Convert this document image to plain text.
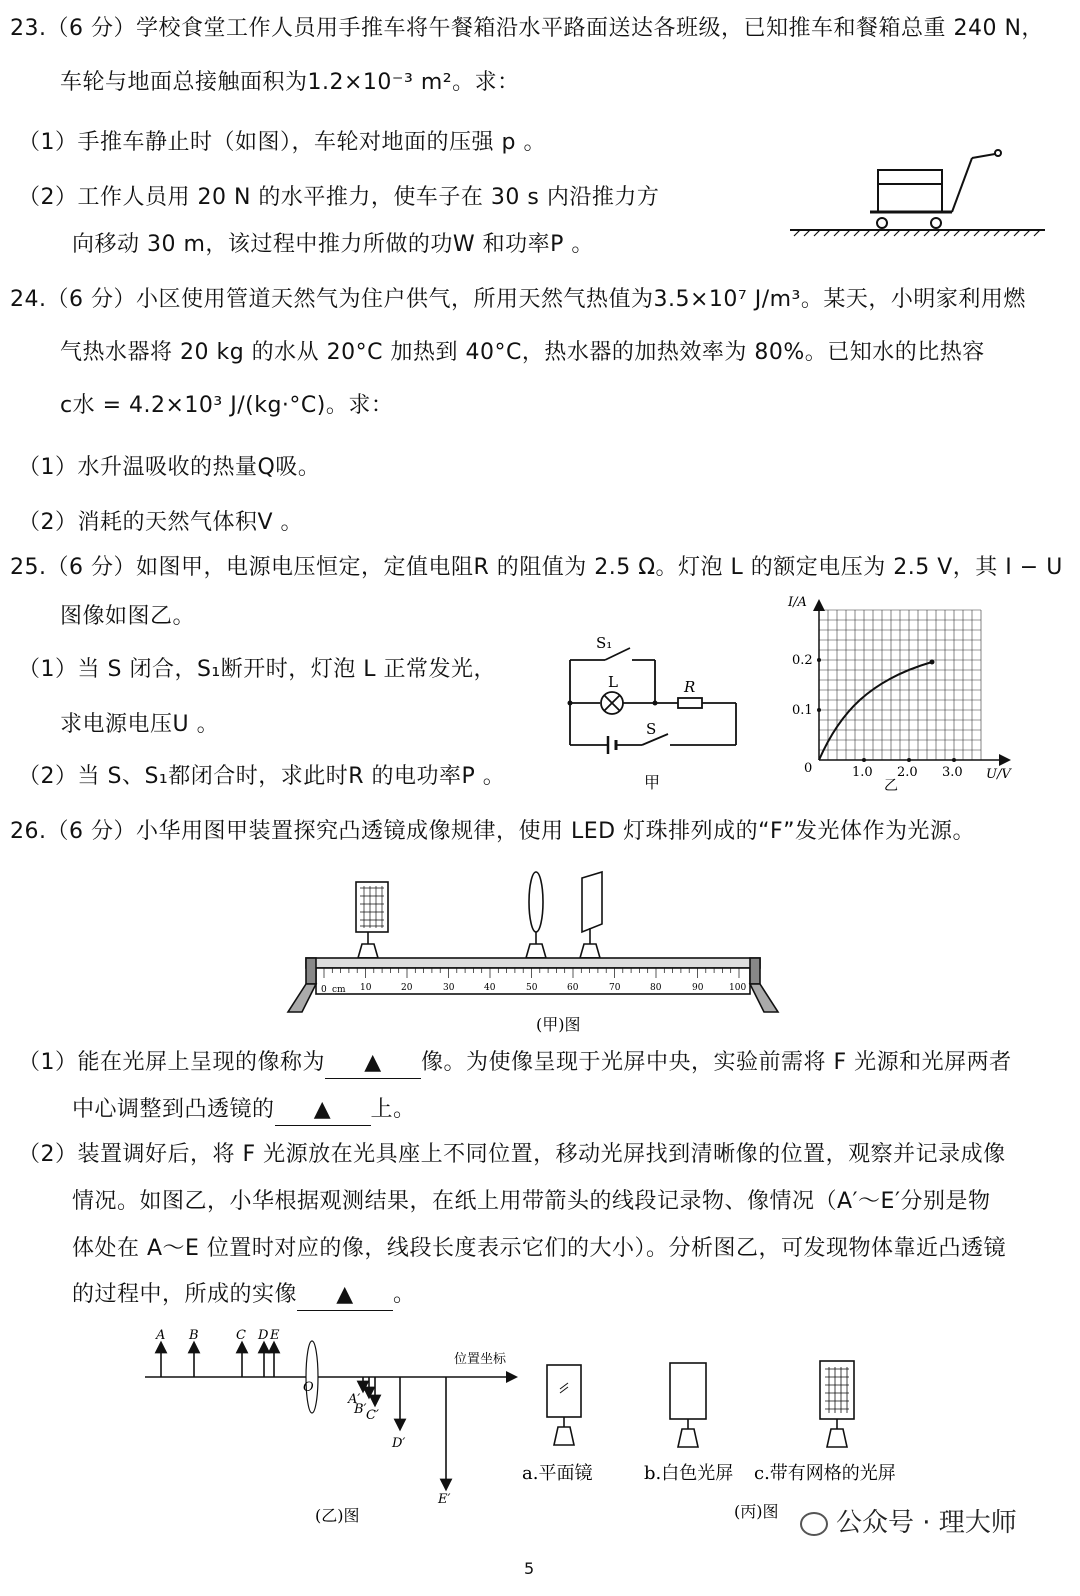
23.（6 分）学校食堂工作人员用手推车将午餐箱沿水平路面送达各班级，已知推车和餐箱总重 240 N，
车轮与地面总接触面积为1.2×10⁻³ m²。求：
（1）手推车静止时（如图），车轮对地面的压强 p 。
（2）工作人员用 20 N 的水平推力，使车子在 30 s 内沿推力方
向移动 30 m，该过程中推力所做的功W 和功率P 。
24.（6 分）小区使用管道天然气为住户供气，所用天然气热值为3.5×10⁷ J/m³。某天，小明家利用燃
气热水器将 20 kg 的水从 20°C 加热到 40°C，热水器的加热效率为 80%。已知水的比热容
c水 = 4.2×10³ J/(kg·°C)。求：
（1）水升温吸收的热量Q吸。
（2）消耗的天然气体积V 。
25.（6 分）如图甲，电源电压恒定，定值电阻R 的阻值为 2.5 Ω。灯泡 L 的额定电压为 2.5 V，其 I − U
图像如图乙。
（1）当 S 闭合，S₁断开时，灯泡 L 正常发光，
求电源电压U 。
（2）当 S、S₁都闭合时，求此时R 的电功率P 。
S₁
L	R
S
甲
I/A
U/V
0.2
0.1
0	1.0 2.0 3.0
乙
26.（6 分）小华用图甲装置探究凸透镜成像规律，使用 LED 灯珠排列成的“F”发光体作为光源。
0 cm 10	20	30	40	50	60	70	80	90	100
(甲)图
（1）能在光屏上呈现的像称为 ▲ 像。为使像呈现于光屏中央，实验前需将 F 光源和光屏两者
中心调整到凸透镜的 ▲ 上。
（2）装置调好后，将 F 光源放在光具座上不同位置，移动光屏找到清晰像的位置，观察并记录成像
情况。如图乙，小华根据观测结果，在纸上用带箭头的线段记录物、像情况（A′～E′分别是物
体处在 A～E 位置时对应的像，线段长度表示它们的大小）。分析图乙，可发现物体靠近凸透镜
的过程中，所成的实像 ▲ 。
A B	C D E
O
A′
B′ C′
D′
E′
位置坐标
(乙)图
a.平面镜	b.白色光屏 c.带有网格的光屏
(丙)图	公众号 · 理大师
5
